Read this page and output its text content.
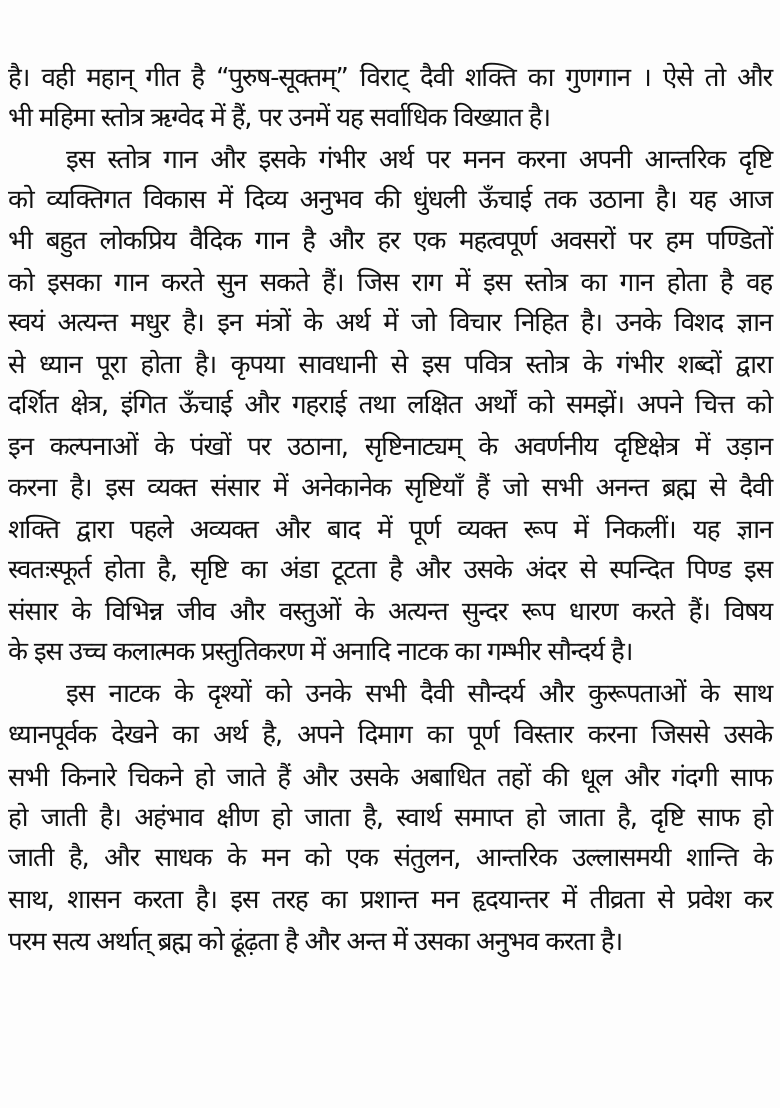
है। वही महान् गीत है “पुरुष-सूक्तम्” विराट् दैवी शक्ति का गुणगान । ऐसे तो और
भी महिमा स्तोत्र ऋग्वेद में हैं, पर उनमें यह सर्वाधिक विख्यात है।
इस स्तोत्र गान और इसके गंभीर अर्थ पर मनन करना अपनी आन्तरिक दृष्टि
को व्यक्तिगत विकास में दिव्य अनुभव की धुंधली ऊँचाई तक उठाना है। यह आज
भी बहुत लोकप्रिय वैदिक गान है और हर एक महत्वपूर्ण अवसरों पर हम पण्डितों
को इसका गान करते सुन सकते हैं। जिस राग में इस स्तोत्र का गान होता है वह
स्वयं अत्यन्त मधुर है। इन मंत्रों के अर्थ में जो विचार निहित है। उनके विशद ज्ञान
से ध्यान पूरा होता है। कृपया सावधानी से इस पवित्र स्तोत्र के गंभीर शब्दों द्वारा
दर्शित क्षेत्र, इंगित ऊँचाई और गहराई तथा लक्षित अर्थों को समझें। अपने चित्त को
इन कल्पनाओं के पंखों पर उठाना, सृष्टिनाट्यम् के अवर्णनीय दृष्टिक्षेत्र में उड़ान
करना है। इस व्यक्त संसार में अनेकानेक सृष्टियाँ हैं जो सभी अनन्त ब्रह्म से दैवी
शक्ति द्वारा पहले अव्यक्त और बाद में पूर्ण व्यक्त रूप में निकलीं। यह ज्ञान
स्वतःस्फूर्त होता है, सृष्टि का अंडा टूटता है और उसके अंदर से स्पन्दित पिण्ड इस
संसार के विभिन्न जीव और वस्तुओं के अत्यन्त सुन्दर रूप धारण करते हैं। विषय
के इस उच्च कलात्मक प्रस्तुतिकरण में अनादि नाटक का गम्भीर सौन्दर्य है।
इस नाटक के दृश्यों को उनके सभी दैवी सौन्दर्य और कुरूपताओं के साथ
ध्यानपूर्वक देखने का अर्थ है, अपने दिमाग का पूर्ण विस्तार करना जिससे उसके
सभी किनारे चिकने हो जाते हैं और उसके अबाधित तहों की धूल और गंदगी साफ
हो जाती है। अहंभाव क्षीण हो जाता है, स्वार्थ समाप्त हो जाता है, दृष्टि साफ हो
जाती है, और साधक के मन को एक संतुलन, आन्तरिक उल्लासमयी शान्ति के
साथ, शासन करता है। इस तरह का प्रशान्त मन हृदयान्तर में तीव्रता से प्रवेश कर
परम सत्य अर्थात् ब्रह्म को ढूंढ़ता है और अन्त में उसका अनुभव करता है।
